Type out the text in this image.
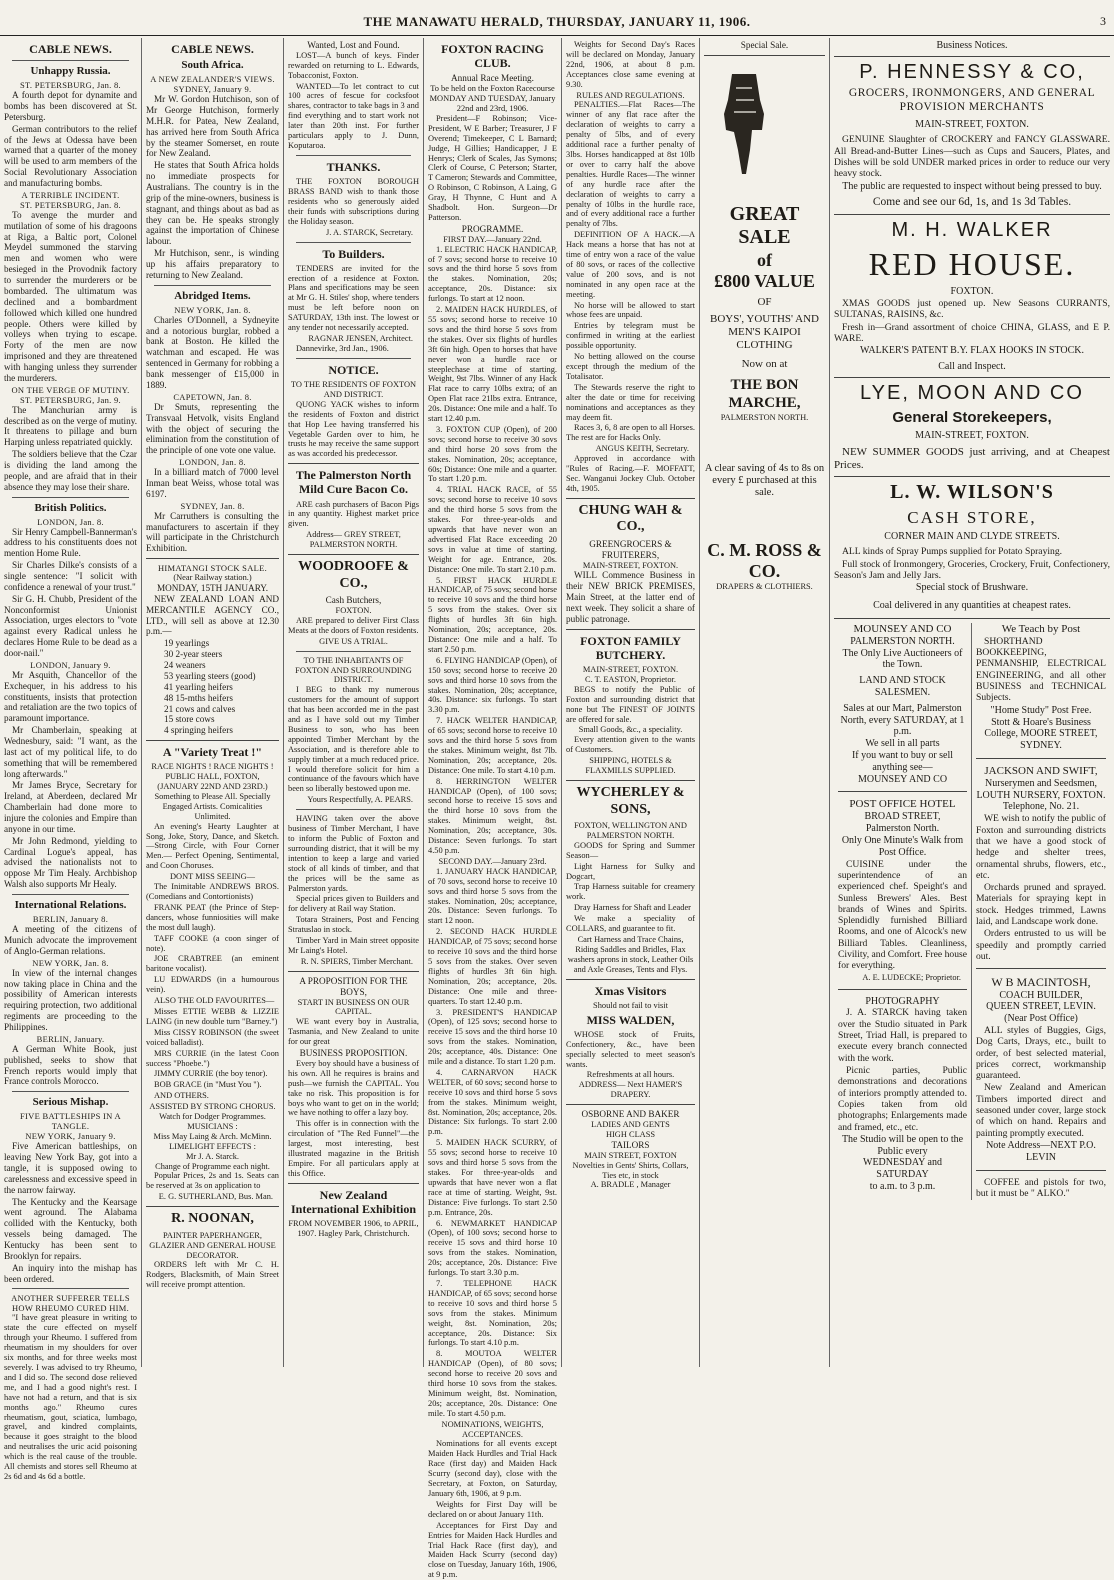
THE MANAWATU HERALD, THURSDAY, JANUARY 11, 1906.	3
CABLE NEWS.
Unhappy Russia.
ST. PETERSBURG, Jan. 8.
A fourth depot for dynamite and bombs has been discovered at St. Petersburg.
German contributors to the relief of the Jews at Odessa have been warned that a quarter of the money will be used to arm members of the Social Revolutionary Association and manufacturing bombs.
A TERRIBLE INCIDENT.
ST. PETERSBURG, Jan. 8.
To avenge the murder and mutilation of some of his dragoons at Riga, a Baltic port, Colonel Meydel summoned the starving men and women who were besieged in the Provodnik factory to surrender the murderers or be bombarded. The ultimatum was declined and a bombardment followed which killed one hundred people. Others were killed by volleys when trying to escape. Forty of the men are now imprisoned and they are threatened with hanging unless they surrender the murderers.
ON THE VERGE OF MUTINY.
ST. PETERSBURG, Jan. 9.
The Manchurian army is described as on the verge of mutiny. It threatens to pillage and burn Harping unless repatriated quickly.
The soldiers believe that the Czar is dividing the land among the people, and are afraid that in their absence they may lose their share.
British Politics.
LONDON, Jan. 8.
Sir Henry Campbell-Bannerman's address to his constituents does not mention Home Rule.
Sir Charles Dilke's consists of a single sentence: "I solicit with confidence a renewal of your trust."
Sir G. H. Chubb, President of the Nonconformist Unionist Association, urges electors to "vote against every Radical unless he declares Home Rule to be dead as a door-nail."
LONDON, January 9.
Mr Asquith, Chancellor of the Exchequer, in his address to his constituents, insists that protection and retaliation are the two topics of paramount importance.
Mr Chamberlain, speaking at Wednesbury, said: "I want, as the last act of my political life, to do something that will be remembered long afterwards."
Mr James Bryce, Secretary for Ireland, at Aberdeen, declared Mr Chamberlain had done more to injure the colonies and Empire than anyone in our time.
Mr John Redmond, yielding to Cardinal Logue's appeal, has advised the nationalists not to oppose Mr Tim Healy. Archbishop Walsh also supports Mr Healy.
International Relations.
BERLIN, January 8.
A meeting of the citizens of Munich advocate the improvement of Anglo-German relations.
NEW YORK, Jan. 8.
In view of the internal changes now taking place in China and the possibility of American interests requiring protection, two additional regiments are proceeding to the Philippines.
BERLIN, January.
A German White Book, just published, seeks to show that French reports would imply that France controls Morocco.
Serious Mishap.
FIVE BATTLESHIPS IN A TANGLE.
NEW YORK, January 9.
Five American battleships, on leaving New York Bay, got into a tangle, it is supposed owing to carelessness and excessive speed in the narrow fairway.
The Kentucky and the Kearsage went aground. The Alabama collided with the Kentucky, both vessels being damaged. The Kentucky has been sent to Brooklyn for repairs.
An inquiry into the mishap has been ordered.
ANOTHER SUFFERER TELLS HOW RHEUMO CURED HIM.
"I have great pleasure in writing to state the cure effected on myself through your Rheumo. I suffered from rheumatism in my shoulders for over six months, and for three weeks most severely. I was advised to try Rheumo, and I did so. The second dose relieved me, and I had a good night's rest. I have not had a return, and that is six months ago." Rheumo cures rheumatism, gout, sciatica, lumbago, gravel, and kindred complaints, because it goes straight to the blood and neutralises the uric acid poisoning which is the real cause of the trouble. All chemists and stores sell Rheumo at 2s 6d and 4s 6d a bottle.
CABLE NEWS.
South Africa.
A NEW ZEALANDER'S VIEWS.
SYDNEY, January 9.
Mr W. Gordon Hutchison, son of Mr George Hutchison, formerly M.H.R. for Patea, New Zealand, has arrived here from South Africa by the steamer Somerset, en route for New Zealand.
He states that South Africa holds no immediate prospects for Australians. The country is in the grip of the mine-owners, business is stagnant, and things about as bad as they can be. He speaks strongly against the importation of Chinese labour.
Mr Hutchison, senr., is winding up his affairs preparatory to returning to New Zealand.
Abridged Items.
NEW YORK, Jan. 8.
Charles O'Donnell, a Sydneyite and a notorious burglar, robbed a bank at Boston. He killed the watchman and escaped. He was sentenced in Germany for robbing a bank messenger of £15,000 in 1889.
CAPETOWN, Jan. 8.
Dr Smuts, representing the Transvaal Hetvolk, visits England with the object of securing the elimination from the constitution of the principle of one vote one value.
LONDON, Jan. 8.
In a billiard match of 7000 level Inman beat Weiss, whose total was 6197.
SYDNEY, Jan. 8.
Mr Carruthers is consulting the manufacturers to ascertain if they will participate in the Christchurch Exhibition.
HIMATANGI STOCK SALE.
(Near Railway station.)
MONDAY, 15TH JANUARY.
NEW ZEALAND LOAN AND MERCANTILE AGENCY CO., LTD., will sell as above at 12.30 p.m.—
19 yearlings
30 2-year steers
24 weaners
53 yearling steers (good)
41 yearling heifers
48 15-mths heifers
21 cows and calves
15 store cows
4 springing heifers
A "Variety Treat !"
RACE NIGHTS ! RACE NIGHTS !
PUBLIC HALL, FOXTON,
(JANUARY 22ND AND 23RD.)
Something to Please All. Specially Engaged Artists. Comicalities Unlimited.
An evening's Hearty Laughter at Song, Joke, Story, Dance, and Sketch.—Strong Circle, with Four Corner Men.— Perfect Opening, Sentimental, and Coon Choruses.
DONT MISS SEEING—
The Inimitable ANDREWS BROS. (Comedians and Contortionists)
FRANK PEAT (the Prince of Step-dancers, whose funniosities will make the most dull laugh).
TAFF COOKE (a coon singer of note).
JOE CRABTREE (an eminent baritone vocalist).
LU EDWARDS (in a humourous vein).
ALSO THE OLD FAVOURITES—
Misses ETTIE WEBB & LIZZIE LAING (in new double turn "Barney.")
Miss CISSY ROBINSON (the sweet voiced balladist).
MRS CURRIE (in the latest Coon success "Phoebe.")
JIMMY CURRIE (the boy tenor).
BOB GRACE (in "Must You ").
AND OTHERS.
ASSISTED BY STRONG CHORUS.
Watch for Dodger Programmes.
MUSICIANS :
Miss May Laing & Arch. McMinn.
LIMELIGHT EFFECTS :
Mr J. A. Starck.
Change of Programme each night.
Popular Prices, 2s and 1s. Seats can be reserved at 3s on application to
E. G. SUTHERLAND, Bus. Man.
R. NOONAN,
PAINTER PAPERHANGER, GLAZIER AND GENERAL HOUSE DECORATOR.
ORDERS left with Mr C. H. Rodgers, Blacksmith, of Main Street will receive prompt attention.
Wanted, Lost and Found.
LOST—A bunch of keys. Finder rewarded on returning to L. Edwards, Tobacconist, Foxton.
WANTED—To let contract to cut 100 acres of fescue for cocksfoot shares, contractor to take bags in 3 and find everything and to start work not later than 20th inst. For further particulars apply to J. Dunn, Koputaroa.
THANKS.
THE FOXTON BOROUGH BRASS BAND wish to thank those residents who so generously aided their funds with subscriptions during the Holiday season.
J. A. STARCK, Secretary.
To Builders.
TENDERS are invited for the erection of a residence at Foxton. Plans and specifications may be seen at Mr G. H. Stiles' shop, where tenders must be left before noon on SATURDAY, 13th inst. The lowest or any tender not necessarily accepted.
RAGNAR JENSEN, Architect.
Dannevirke, 3rd Jan., 1906.
NOTICE.
TO THE RESIDENTS OF FOXTON AND DISTRICT.
QUONG YACK wishes to inform the residents of Foxton and district that Hop Lee having transferred his Vegetable Garden over to him, he trusts he may receive the same support as was accorded his predecessor.
The Palmerston North Mild Cure Bacon Co.
ARE cash purchasers of Bacon Pigs in any quantity. Highest market price given.
Address— GREY STREET, PALMERSTON NORTH.
WOODROOFE & CO.,
Cash Butchers,
FOXTON.
ARE prepared to deliver First Class Meats at the doors of Foxton residents.
GIVE US A TRIAL.
TO THE INHABITANTS OF FOXTON AND SURROUNDING DISTRICT.
I BEG to thank my numerous customers for the amount of support that has been accorded me in the past and as I have sold out my Timber Business to son, who has been appointed Timber Merchant by the Association, and is therefore able to supply timber at a much reduced price. I would therefore solicit for him a continuance of the favours which have been so liberally bestowed upon me.
Yours Respectfully, A. PEARS.
HAVING taken over the above business of Timber Merchant, I have to inform the Public of Foxton and surrounding district, that it will be my intention to keep a large and varied stock of all kinds of timber, and that the prices will be the same as Palmerston yards.
Special prices given to Builders and for delivery at Rail way Station.
Totara Strainers, Post and Fencing Stratuslao in stock.
Timber Yard in Main street opposite Mr Laing's Hotel.
R. N. SPIERS, Timber Merchant.
A PROPOSITION FOR THE BOYS,
START IN BUSINESS ON OUR CAPITAL.
WE want every boy in Australia, Tasmania, and New Zealand to unite for our great
BUSINESS PROPOSITION.
Every boy should have a business of his own. All he requires is brains and push—we furnish the CAPITAL. You take no risk. This proposition is for boys who want to get on in the world; we have nothing to offer a lazy boy.
This offer is in connection with the circulation of "The Red Funnel"—the largest, most interesting, best illustrated magazine in the British Empire. For all particulars apply at this Office.
New Zealand International Exhibition
FROM NOVEMBER 1906, to APRIL, 1907. Hagley Park, Christchurch.
FOXTON RACING CLUB.
Annual Race Meeting.
To be held on the Foxton Racecourse
MONDAY AND TUESDAY, January 22nd and 23rd, 1906.
President—F Robinson; Vice-President, W E Barber; Treasurer, J F Overend; Timekeeper, C L Barnard; Judge, H Gillies; Handicapper, J E Henrys; Clerk of Scales, Jas Symons; Clerk of Course, C Peterson; Starter, T Cameron; Stewards and Committee, O Robinson, C Robinson, A Laing, G Gray, H Thynne, C Hunt and A Shadbolt. Hon. Surgeon—Dr Patterson.
PROGRAMME.
FIRST DAY.—January 22nd.
1. ELECTRIC HACK HANDICAP, of 7 sovs; second horse to receive 10 sovs and the third horse 5 sovs from the stakes. Nomination, 20s; acceptance, 20s. Distance: six furlongs. To start at 12 noon.
2. MAIDEN HACK HURDLES, of 55 sovs; second horse to receive 10 sovs and the third horse 5 sovs from the stakes. Over six flights of hurdles 3ft 6in high. Open to horses that have never won a hurdle race or steeplechase at time of starting. Weight, 9st 7lbs. Winner of any Hack Flat race to carry 10lbs extra; of an Open Flat race 21lbs extra. Entrance, 20s. Distance: One mile and a half. To start 12.40 p.m.
3. FOXTON CUP (Open), of 200 sovs; second horse to receive 30 sovs and third horse 20 sovs from the stakes. Nomination, 20s; acceptance, 60s; Distance: One mile and a quarter. To start 1.20 p.m.
4. TRIAL HACK RACE, of 55 sovs; second horse to receive 10 sovs and the third horse 5 sovs from the stakes. For three-year-olds and upwards that have never won an advertised Flat Race exceeding 20 sovs in value at time of starting. Weight for age. Entrance, 20s. Distance: One mile. To start 2.10 p.m.
5. FIRST HACK HURDLE HANDICAP, of 75 sovs; second horse to receive 10 sovs and the third horse 5 sovs from the stakes. Over six flights of hurdles 3ft 6in high. Nomination, 20s; acceptance, 20s. Distance: One mile and a half. To start 2.50 p.m.
6. FLYING HANDICAP (Open), of 150 sovs; second horse to receive 20 sovs and third horse 10 sovs from the stakes. Nomination, 20s; acceptance, 40s. Distance: six furlongs. To start 3.30 p.m.
7. HACK WELTER HANDICAP, of 65 sovs; second horse to receive 10 sovs and the third horse 5 sovs from the stakes. Minimum weight, 8st 7lb. Nomination, 20s; acceptance, 20s. Distance: One mile. To start 4.10 p.m.
8. HERRINGTON WELTER HANDICAP (Open), of 100 sovs; second horse to receive 15 sovs and the third horse 10 sovs from the stakes. Minimum weight, 8st. Nomination, 20s; acceptance, 30s. Distance: Seven furlongs. To start 4.50 p.m.
SECOND DAY.—January 23rd.
1. JANUARY HACK HANDICAP, of 70 sovs, second horse to receive 10 sovs and third horse 5 sovs from the stakes. Nomination, 20s; acceptance, 20s. Distance: Seven furlongs. To start 12 noon.
2. SECOND HACK HURDLE HANDICAP, of 75 sovs; second horse to receive 10 sovs and the third horse 5 sovs from the stakes. Over seven flights of hurdles 3ft 6in high. Nomination, 20s; acceptance, 20s. Distance: One mile and three-quarters. To start 12.40 p.m.
3. PRESIDENT'S HANDICAP (Open), of 125 sovs; second horse to receive 15 sovs and the third horse 10 sovs from the stakes. Nomination, 20s; acceptance, 40s. Distance: One mile and a distance. To start 1.20 p.m.
4. CARNARVON HACK WELTER, of 60 sovs; second horse to receive 10 sovs and third horse 5 sovs from the stakes. Minimum weight, 8st. Nomination, 20s; acceptance, 20s. Distance: Six furlongs. To start 2.00 p.m.
5. MAIDEN HACK SCURRY, of 55 sovs; second horse to receive 10 sovs and third horse 5 sovs from the stakes. For three-year-olds and upwards that have never won a flat race at time of starting. Weight, 9st. Distance: Five furlongs. To start 2.50 p.m. Entrance, 20s.
6. NEWMARKET HANDICAP (Open), of 100 sovs; second horse to receive 15 sovs and third horse 10 sovs from the stakes. Nomination, 20s; acceptance, 20s. Distance: Five furlongs. To start 3.30 p.m.
7. TELEPHONE HACK HANDICAP, of 65 sovs; second horse to receive 10 sovs and third horse 5 sovs from the stakes. Minimum weight, 8st. Nomination, 20s; acceptance, 20s. Distance: Six furlongs. To start 4.10 p.m.
8. MOUTOA WELTER HANDICAP (Open), of 80 sovs; second horse to receive 20 sovs and third horse 10 sovs from the stakes. Minimum weight, 8st. Nomination, 20s; acceptance, 20s. Distance: One mile. To start 4.50 p.m.
NOMINATIONS, WEIGHTS, ACCEPTANCES.
Nominations for all events except Maiden Hack Hurdles and Trial Hack Race (first day) and Maiden Hack Scurry (second day), close with the Secretary, at Foxton, on Saturday, January 6th, 1906, at 9 p.m.
Weights for First Day will be declared on or about January 11th.
Acceptances for First Day and Entries for Maiden Hack Hurdles and Trial Hack Race (first day), and Maiden Hack Scurry (second day) close on Tuesday, January 16th, 1906, at 9 p.m.
Weights for Second Day's Races will be declared on Monday, January 22nd, 1906, at about 8 p.m. Acceptances close same evening at 9.30.
RULES AND REGULATIONS.
PENALTIES.—Flat Races—The winner of any flat race after the declaration of weights to carry a penalty of 5lbs, and of every additional race a further penalty of 3lbs. Horses handicapped at 8st 10lb or over to carry half the above penalties. Hurdle Races—The winner of any hurdle race after the declaration of weights to carry a penalty of 10lbs in the hurdle race, and of every additional race a further penalty of 7lbs.
DEFINITION OF A HACK.—A Hack means a horse that has not at time of entry won a race of the value of 80 sovs, or races of the collective value of 200 sovs, and is not nominated in any open race at the meeting.
No horse will be allowed to start whose fees are unpaid.
Entries by telegram must be confirmed in writing at the earliest possible opportunity.
No betting allowed on the course except through the medium of the Totalisator.
The Stewards reserve the right to alter the date or time for receiving nominations and acceptances as they may deem fit.
Races 3, 6, 8 are open to all Horses. The rest are for Hacks Only.
ANGUS KEITH, Secretary.
Approved in accordance with "Rules of Racing.—F. MOFFATT, Sec. Wanganui Jockey Club. October 4th, 1905.
CHUNG WAH & CO.,
GREENGROCERS & FRUITERERS,
MAIN-STREET, FOXTON.
WILL Commence Business in their NEW BRICK PREMISES, Main Street, at the latter end of next week. They solicit a share of public patronage.
FOXTON FAMILY BUTCHERY.
MAIN-STREET, FOXTON.
C. T. EASTON, Proprietor.
BEGS to notify the Public of Foxton and surrounding district that none but The FINEST OF JOINTS are offered for sale.
Small Goods, &c., a speciality.
Every attention given to the wants of Customers.
SHIPPING, HOTELS & FLAXMILLS SUPPLIED.
WYCHERLEY & SONS,
FOXTON, WELLINGTON AND PALMERSTON NORTH.
GOODS for Spring and Summer Season—
Light Harness for Sulky and Dogcart,
Trap Harness suitable for creamery work.
Dray Harness for Shaft and Leader
We make a speciality of COLLARS, and guarantee to fit.
Cart Harness and Trace Chains, Riding Saddles and Bridles, Flax washers aprons in stock, Leather Oils and Axle Greases, Tents and Flys.
Xmas Visitors
Should not fail to visit
MISS WALDEN,
WHOSE stock of Fruits, Confectionery, &c., have been specially selected to meet season's wants.
Refreshments at all hours.
ADDRESS— Next HAMER'S DRAPERY.
OSBORNE AND BAKER
LADIES AND GENTS
HIGH CLASS
TAILORS
MAIN STREET, FOXTON
Novelties in Gents' Shirts, Collars, Ties etc, in stock
A. BRADLE , Manager
Special Sale.
GREAT SALE
of
£800 VALUE
OF
BOYS', YOUTHS' AND MEN'S KAIPOI CLOTHING
Now on at
THE BON MARCHE,
PALMERSTON NORTH.
A clear saving of 4s to 8s on every £ purchased at this sale.
C. M. ROSS & CO.
DRAPERS & CLOTHIERS.
Business Notices.
P. HENNESSY & CO,
GROCERS, IRONMONGERS, AND GENERAL PROVISION MERCHANTS
MAIN-STREET, FOXTON.
GENUINE Slaughter of CROCKERY and FANCY GLASSWARE. All Bread-and-Butter Lines—such as Cups and Saucers, Plates, and Dishes will be sold UNDER marked prices in order to reduce our very heavy stock.
The public are requested to inspect without being pressed to buy.
Come and see our 6d, 1s, and 1s 3d Tables.
M. H. WALKER
RED HOUSE.
FOXTON.
XMAS GOODS just opened up. New Seasons CURRANTS, SULTANAS, RAISINS, &c.
Fresh in—Grand assortment of choice CHINA, GLASS, and E P. WARE.
WALKER'S PATENT B.Y. FLAX HOOKS IN STOCK.
Call and Inspect.
LYE, MOON AND CO
General Storekeepers,
MAIN-STREET, FOXTON.
NEW SUMMER GOODS just arriving, and at Cheapest Prices.
L. W. WILSON'S
CASH STORE,
CORNER MAIN AND CLYDE STREETS.
ALL kinds of Spray Pumps supplied for Potato Spraying.
Full stock of Ironmongery, Groceries, Crockery, Fruit, Confectionery, Season's Jam and Jelly Jars.
Special stock of Brushware.
Coal delivered in any quantities at cheapest rates.
MOUNSEY AND CO
PALMERSTON NORTH.
The Only Live Auctioneers of the Town.
LAND AND STOCK SALESMEN.
Sales at our Mart, Palmerston North, every SATURDAY, at 1 p.m.
We sell in all parts
If you want to buy or sell anything see—
MOUNSEY AND CO
POST OFFICE HOTEL
BROAD STREET,
Palmerston North.
Only One Minute's Walk from Post Office.
CUISINE under the superintendence of an experienced chef. Speight's and Sunless Brewers' Ales. Best brands of Wines and Spirits. Splendidly furnished Billiard Rooms, and one of Alcock's new Billiard Tables. Cleanliness, Civility, and Comfort. Free house for everything.
A. E. LUDECKE; Proprietor.
PHOTOGRAPHY
J. A. STARCK having taken over the Studio situated in Park Street, Triad Hall, is prepared to execute every branch connected with the work.
Picnic parties, Public demonstrations and decorations of interiors promptly attended to. Copies taken from old photographs; Enlargements made and framed, etc., etc.
The Studio will be open to the Public every
WEDNESDAY and SATURDAY
to a.m. to 3 p.m.
We Teach by Post
SHORTHAND BOOKKEEPING, PENMANSHIP, ELECTRICAL ENGINEERING, and all other BUSINESS and TECHNICAL Subjects.
"Home Study" Post Free.
Stott & Hoare's Business College, MOORE STREET, SYDNEY.
JACKSON AND SWIFT,
Nurserymen and Seedsmen,
LOUTH NURSERY, FOXTON.
Telephone, No. 21.
WE wish to notify the public of Foxton and surrounding districts that we have a good stock of hedge and shelter trees, ornamental shrubs, flowers, etc., etc.
Orchards pruned and sprayed. Materials for spraying kept in stock. Hedges trimmed, Lawns laid, and Landscape work done.
Orders entrusted to us will be speedily and promptly carried out.
W B MACINTOSH,
COACH BUILDER,
QUEEN STREET, LEVIN.
(Near Post Office)
ALL styles of Buggies, Gigs, Dog Carts, Drays, etc., built to order, of best selected material, prices correct, workmanship guaranteed.
New Zealand and American Timbers imported direct and seasoned under cover, large stock of which on hand. Repairs and painting promptly executed.
Note Address—NEXT P.O. LEVIN
COFFEE and pistols for two, but it must be " ALKO."
